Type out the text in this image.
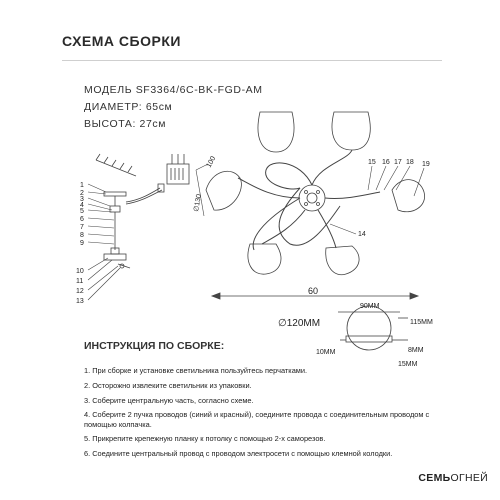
СХЕМА СБОРКИ
МОДЕЛЬ SF3364/6C-BK-FGD-AM
ДИАМЕТР: 65см
ВЫСОТА: 27см
1
2
3
4
5
6
7
8
9
10
11
12
13
15 16 17 18 19
14
100
∅130
60
90MM
115MM
∅120MM
10MM	8MM
15MM
ИНСТРУКЦИЯ ПО СБОРКЕ:
1. При сборке и установке светильника пользуйтесь перчатками.
2. Осторожно извлеките светильник из упаковки.
3. Соберите центральную часть, согласно схеме.
4. Соберите 2 пучка проводов (синий и красный), соедините провода с соединительным проводом с помощью колпачка.
5. Прикрепите крепежную планку к потолку с помощью 2-х саморезов.
6. Соедините центральный провод с проводом электросети с помощью клемной колодки.
СЕМЬОГНЕЙ
